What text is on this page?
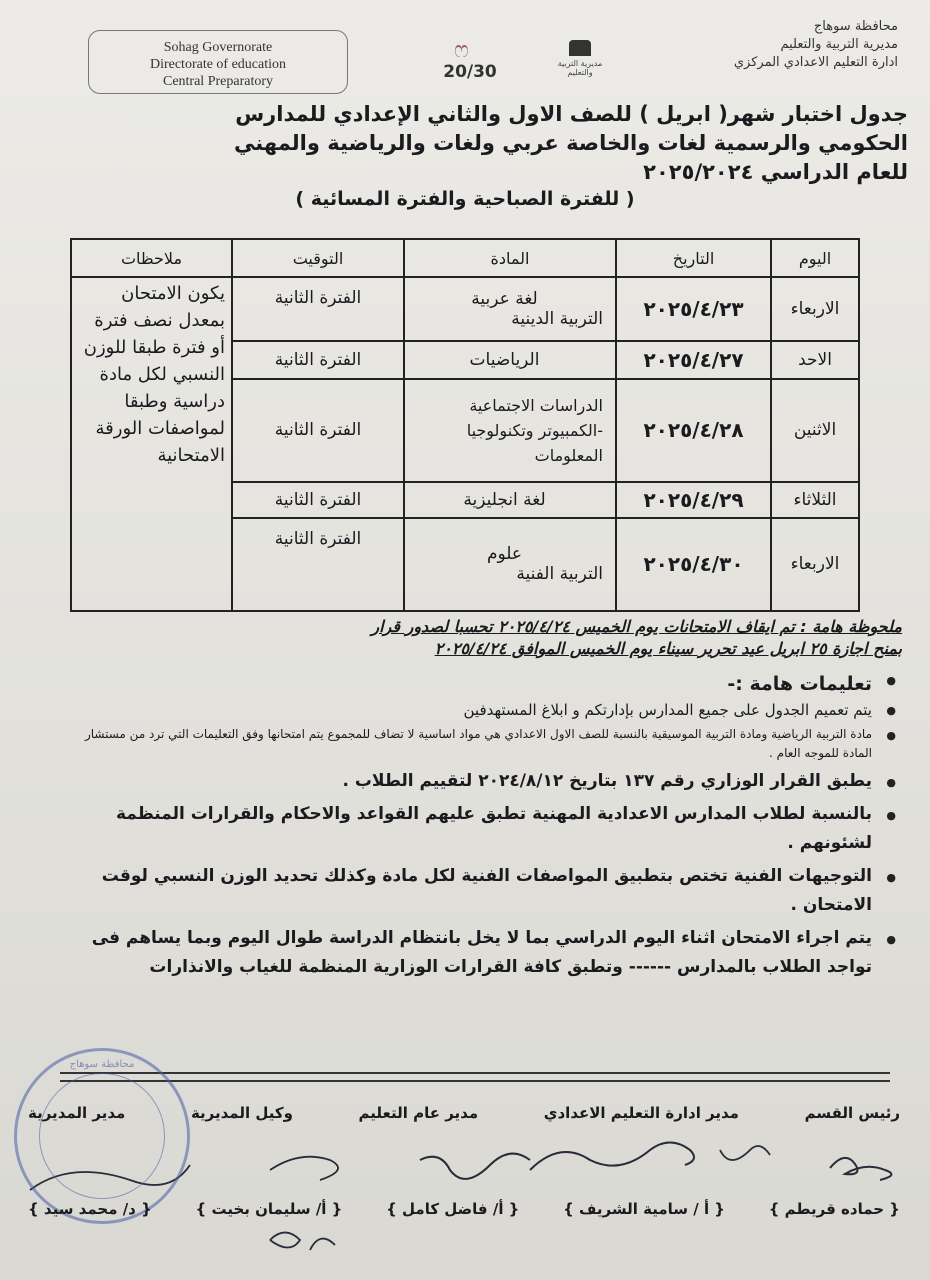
Sohag Governorate
Directorate of education
Central Preparatory
ෆ
20/30	مديرية التربية والتعليم
محافظة سوهاج
مديرية التربية والتعليم
ادارة التعليم الاعدادي المركزي
جدول اختبار شهر( ابريل ) للصف الاول والثاني الإعدادي للمدارس
الحكومي والرسمية لغات والخاصة عربي ولغات والرياضية والمهني
للعام الدراسي ٢٠٢٥/٢٠٢٤
( للفترة الصباحية والفترة المسائية )
اليوم	التاريخ	المادة	التوقيت	ملاحظات
الاربعاء	٢٠٢٥/٤/٢٣	لغة عربية
التربية الدينية	الفترة الثانية	يكون الامتحان بمعدل نصف فترة أو فترة طبقا للوزن النسبي لكل مادة دراسية وطبقا لمواصفات الورقة الامتحانية
الاحد	٢٠٢٥/٤/٢٧	الرياضيات	الفترة الثانية	
الاثنين	٢٠٢٥/٤/٢٨	الدراسات الاجتماعية
-الكمبيوتر وتكنولوجيا
المعلومات	الفترة الثانية	
الثلاثاء	٢٠٢٥/٤/٢٩	لغة انجليزية	الفترة الثانية	
الاربعاء	٢٠٢٥/٤/٣٠	علوم
التربية الفنية	الفترة الثانية	
ملحوظة هامة : تم ايقاف الامتحانات يوم الخميس ٢٠٢٥/٤/٢٤ تحسبا لصدور قرار
بمنح اجازة ٢٥ ابريل عيد تحرير سيناء يوم الخميس الموافق ٢٠٢٥/٤/٢٤
● تعليمات هامة :-
● يتم تعميم الجدول على جميع المدارس بإدارتكم و ابلاغ المستهدفين
● مادة التربية الرياضية ومادة التربية الموسيقية بالنسبة للصف الاول الاعدادي هي مواد اساسية لا تضاف للمجموع يتم امتحانها وفق التعليمات التي ترد من مستشار المادة للموجه العام .
● يطبق القرار الوزاري رقم ١٣٧ بتاريخ ٢٠٢٤/٨/١٢ لتقييم الطلاب .
● بالنسبة لطلاب المدارس الاعدادية المهنية تطبق عليهم القواعد والاحكام والقرارات المنظمة لشئونهم .
● التوجيهات الفنية تختص بتطبيق المواصفات الفنية لكل مادة وكذلك تحديد الوزن النسبي لوقت الامتحان .
● يتم اجراء الامتحان اثناء اليوم الدراسي بما لا يخل بانتظام الدراسة طوال اليوم وبما يساهم فى تواجد الطلاب بالمدارس ------ وتطبق كافة القرارات الوزارية المنظمة للغياب والانذارات
رئيس القسم
مدير ادارة التعليم الاعدادي
مدير عام التعليم
وكيل المديرية
مدير المديرية
محافظة سوهاج
{ حماده قريطم }
{ أ / سامية الشريف }
{ أ/ فاضل كامل }
{ أ/ سليمان بخيت }
{ د/ محمد سيد }
